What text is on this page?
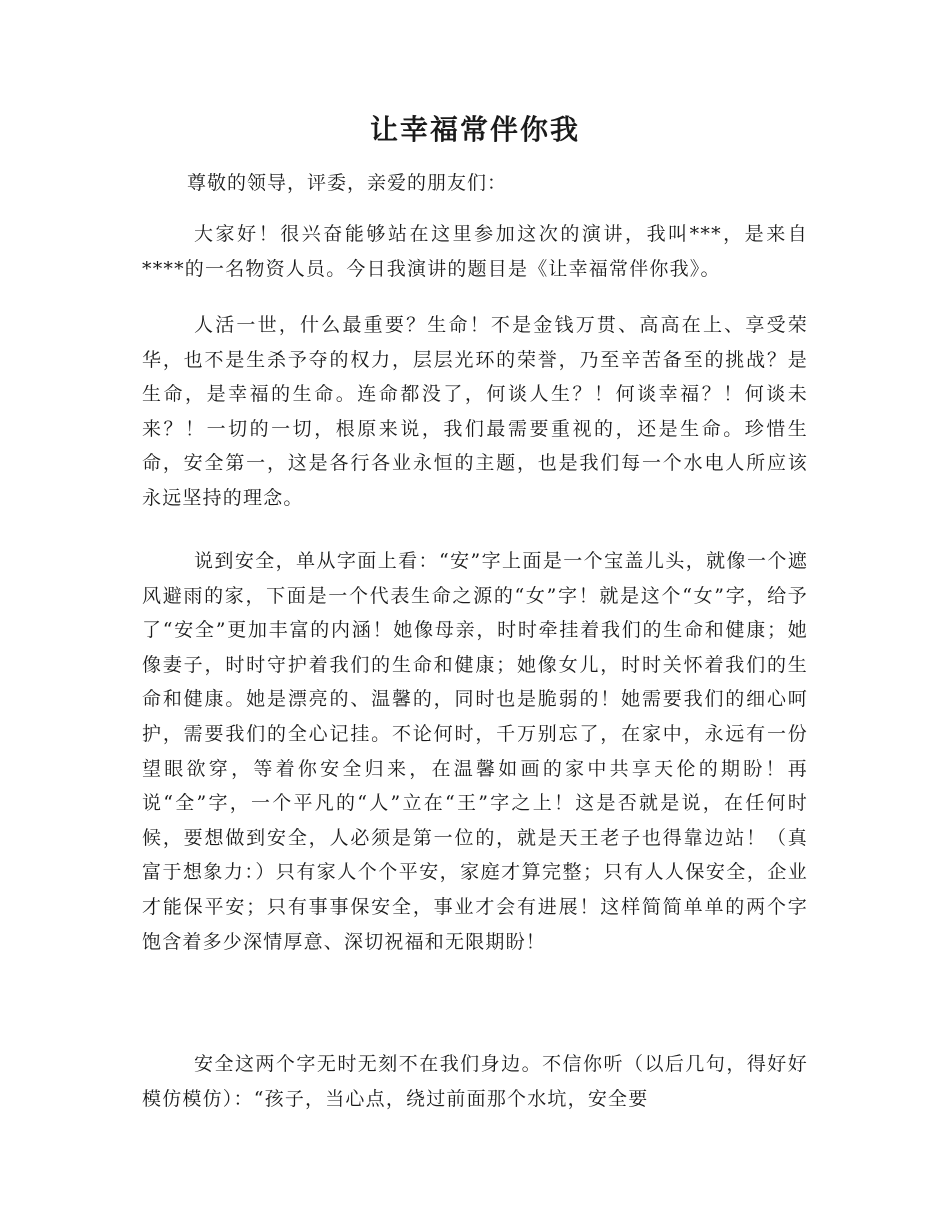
让幸福常伴你我
尊敬的领导，评委，亲爱的朋友们：

大家好！很兴奋能够站在这里参加这次的演讲，我叫***，是来自****的一名物资人员。今日我演讲的题目是《让幸福常伴你我》。

人活一世，什么最重要？生命！不是金钱万贯、高高在上、享受荣华，也不是生杀予夺的权力，层层光环的荣誉，乃至辛苦备至的挑战？是生命，是幸福的生命。连命都没了，何谈人生？！何谈幸福？！何谈未来？！一切的一切，根原来说，我们最需要重视的，还是生命。珍惜生命，安全第一，这是各行各业永恒的主题，也是我们每一个水电人所应该永远坚持的理念。

说到安全，单从字面上看：“安”字上面是一个宝盖儿头，就像一个遮风避雨的家，下面是一个代表生命之源的“女”字！就是这个“女”字，给予了“安全”更加丰富的内涵！她像母亲，时时牵挂着我们的生命和健康；她像妻子，时时守护着我们的生命和健康；她像女儿，时时关怀着我们的生命和健康。她是漂亮的、温馨的，同时也是脆弱的！她需要我们的细心呵护，需要我们的全心记挂。不论何时，千万别忘了，在家中，永远有一份望眼欲穿，等着你安全归来，在温馨如画的家中共享天伦的期盼！再说“全”字，一个平凡的“人”立在“王”字之上！这是否就是说，在任何时候，要想做到安全，人必须是第一位的，就是天王老子也得靠边站！（真富于想象力：）只有家人个个平安，家庭才算完整；只有人人保安全，企业才能保平安；只有事事保安全，事业才会有进展！这样简简单单的两个字饱含着多少深情厚意、深切祝福和无限期盼！

安全这两个字无时无刻不在我们身边。不信你听（以后几句，得好好模仿模仿）：“孩子，当心点，绕过前面那个水坑，安全要
